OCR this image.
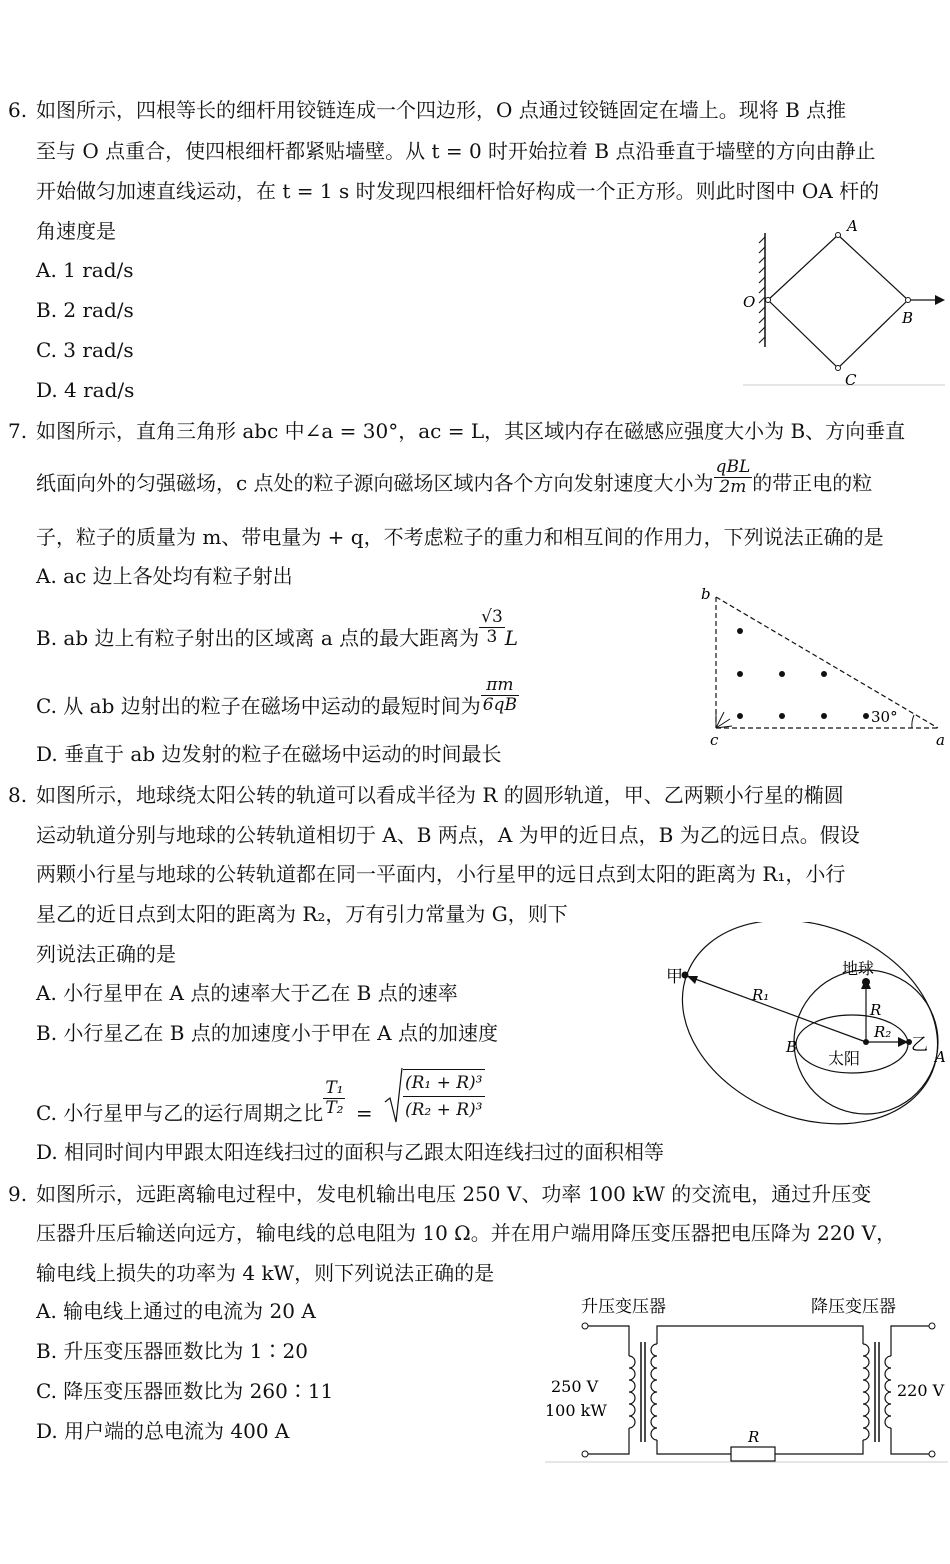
6. 如图所示，四根等长的细杆用铰链连成一个四边形，O 点通过铰链固定在墙上。现将 B 点推
至与 O 点重合，使四根细杆都紧贴墙壁。从 t = 0 时开始拉着 B 点沿垂直于墙壁的方向由静止
开始做匀加速直线运动，在 t = 1 s 时发现四根细杆恰好构成一个正方形。则此时图中 OA 杆的
角速度是
A. 1 rad/s
B. 2 rad/s
C. 3 rad/s
D. 4 rad/s
A
O
B
C
7. 如图所示，直角三角形 abc 中∠a = 30°，ac = L，其区域内存在磁感应强度大小为 B、方向垂直
纸面向外的匀强磁场，c 点处的粒子源向磁场区域内各个方向发射速度大小为 $\frac{\text{qBL}}{2m}$ 的带正电的粒
子，粒子的质量为 m、带电量为 + q，不考虑粒子的重力和相互间的作用力，下列说法正确的是
A. ac 边上各处均有粒子射出
B. ab 边上有粒子射出的区域离 a 点的最大距离为 $\frac{√3}{3}$ L
C. 从 ab 边射出的粒子在磁场中运动的最短时间为 $\frac{\pi m}{6qB}$
D. 垂直于 ab 边发射的粒子在磁场中运动的时间最长
b
c	a
30°
8. 如图所示，地球绕太阳公转的轨道可以看成半径为 R 的圆形轨道，甲、乙两颗小行星的椭圆
运动轨道分别与地球的公转轨道相切于 A、B 两点，A 为甲的近日点，B 为乙的远日点。假设
两颗小行星与地球的公转轨道都在同一平面内，小行星甲的远日点到太阳的距离为 R₁，小行
星乙的近日点到太阳的距离为 R₂，万有引力常量为 G，则下
列说法正确的是
A. 小行星甲在 A 点的速率大于乙在 B 点的速率
B. 小行星乙在 B 点的加速度小于甲在 A 点的加速度
C. 小行星甲与乙的运行周期之比 $\frac{\text{T₁}}{\text{T₂}} = \frac{\text{(R₁ + R)³}}{\text{(R₂ + R)³}}$
D. 相同时间内甲跟太阳连线扫过的面积与乙跟太阳连线扫过的面积相等
甲	地球
R₁
R
R₂
B
太阳
乙
A
9. 如图所示，远距离输电过程中，发电机输出电压 250 V、功率 100 kW 的交流电，通过升压变
压器升压后输送向远方，输电线的总电阻为 10 Ω。并在用户端用降压变压器把电压降为 220 V，
输电线上损失的功率为 4 kW，则下列说法正确的是
A. 输电线上通过的电流为 20 A
B. 升压变压器匝数比为 1∶20
C. 降压变压器匝数比为 260∶11
D. 用户端的总电流为 400 A
升压变压器	降压变压器
R
250 V
100 kW
220 V
